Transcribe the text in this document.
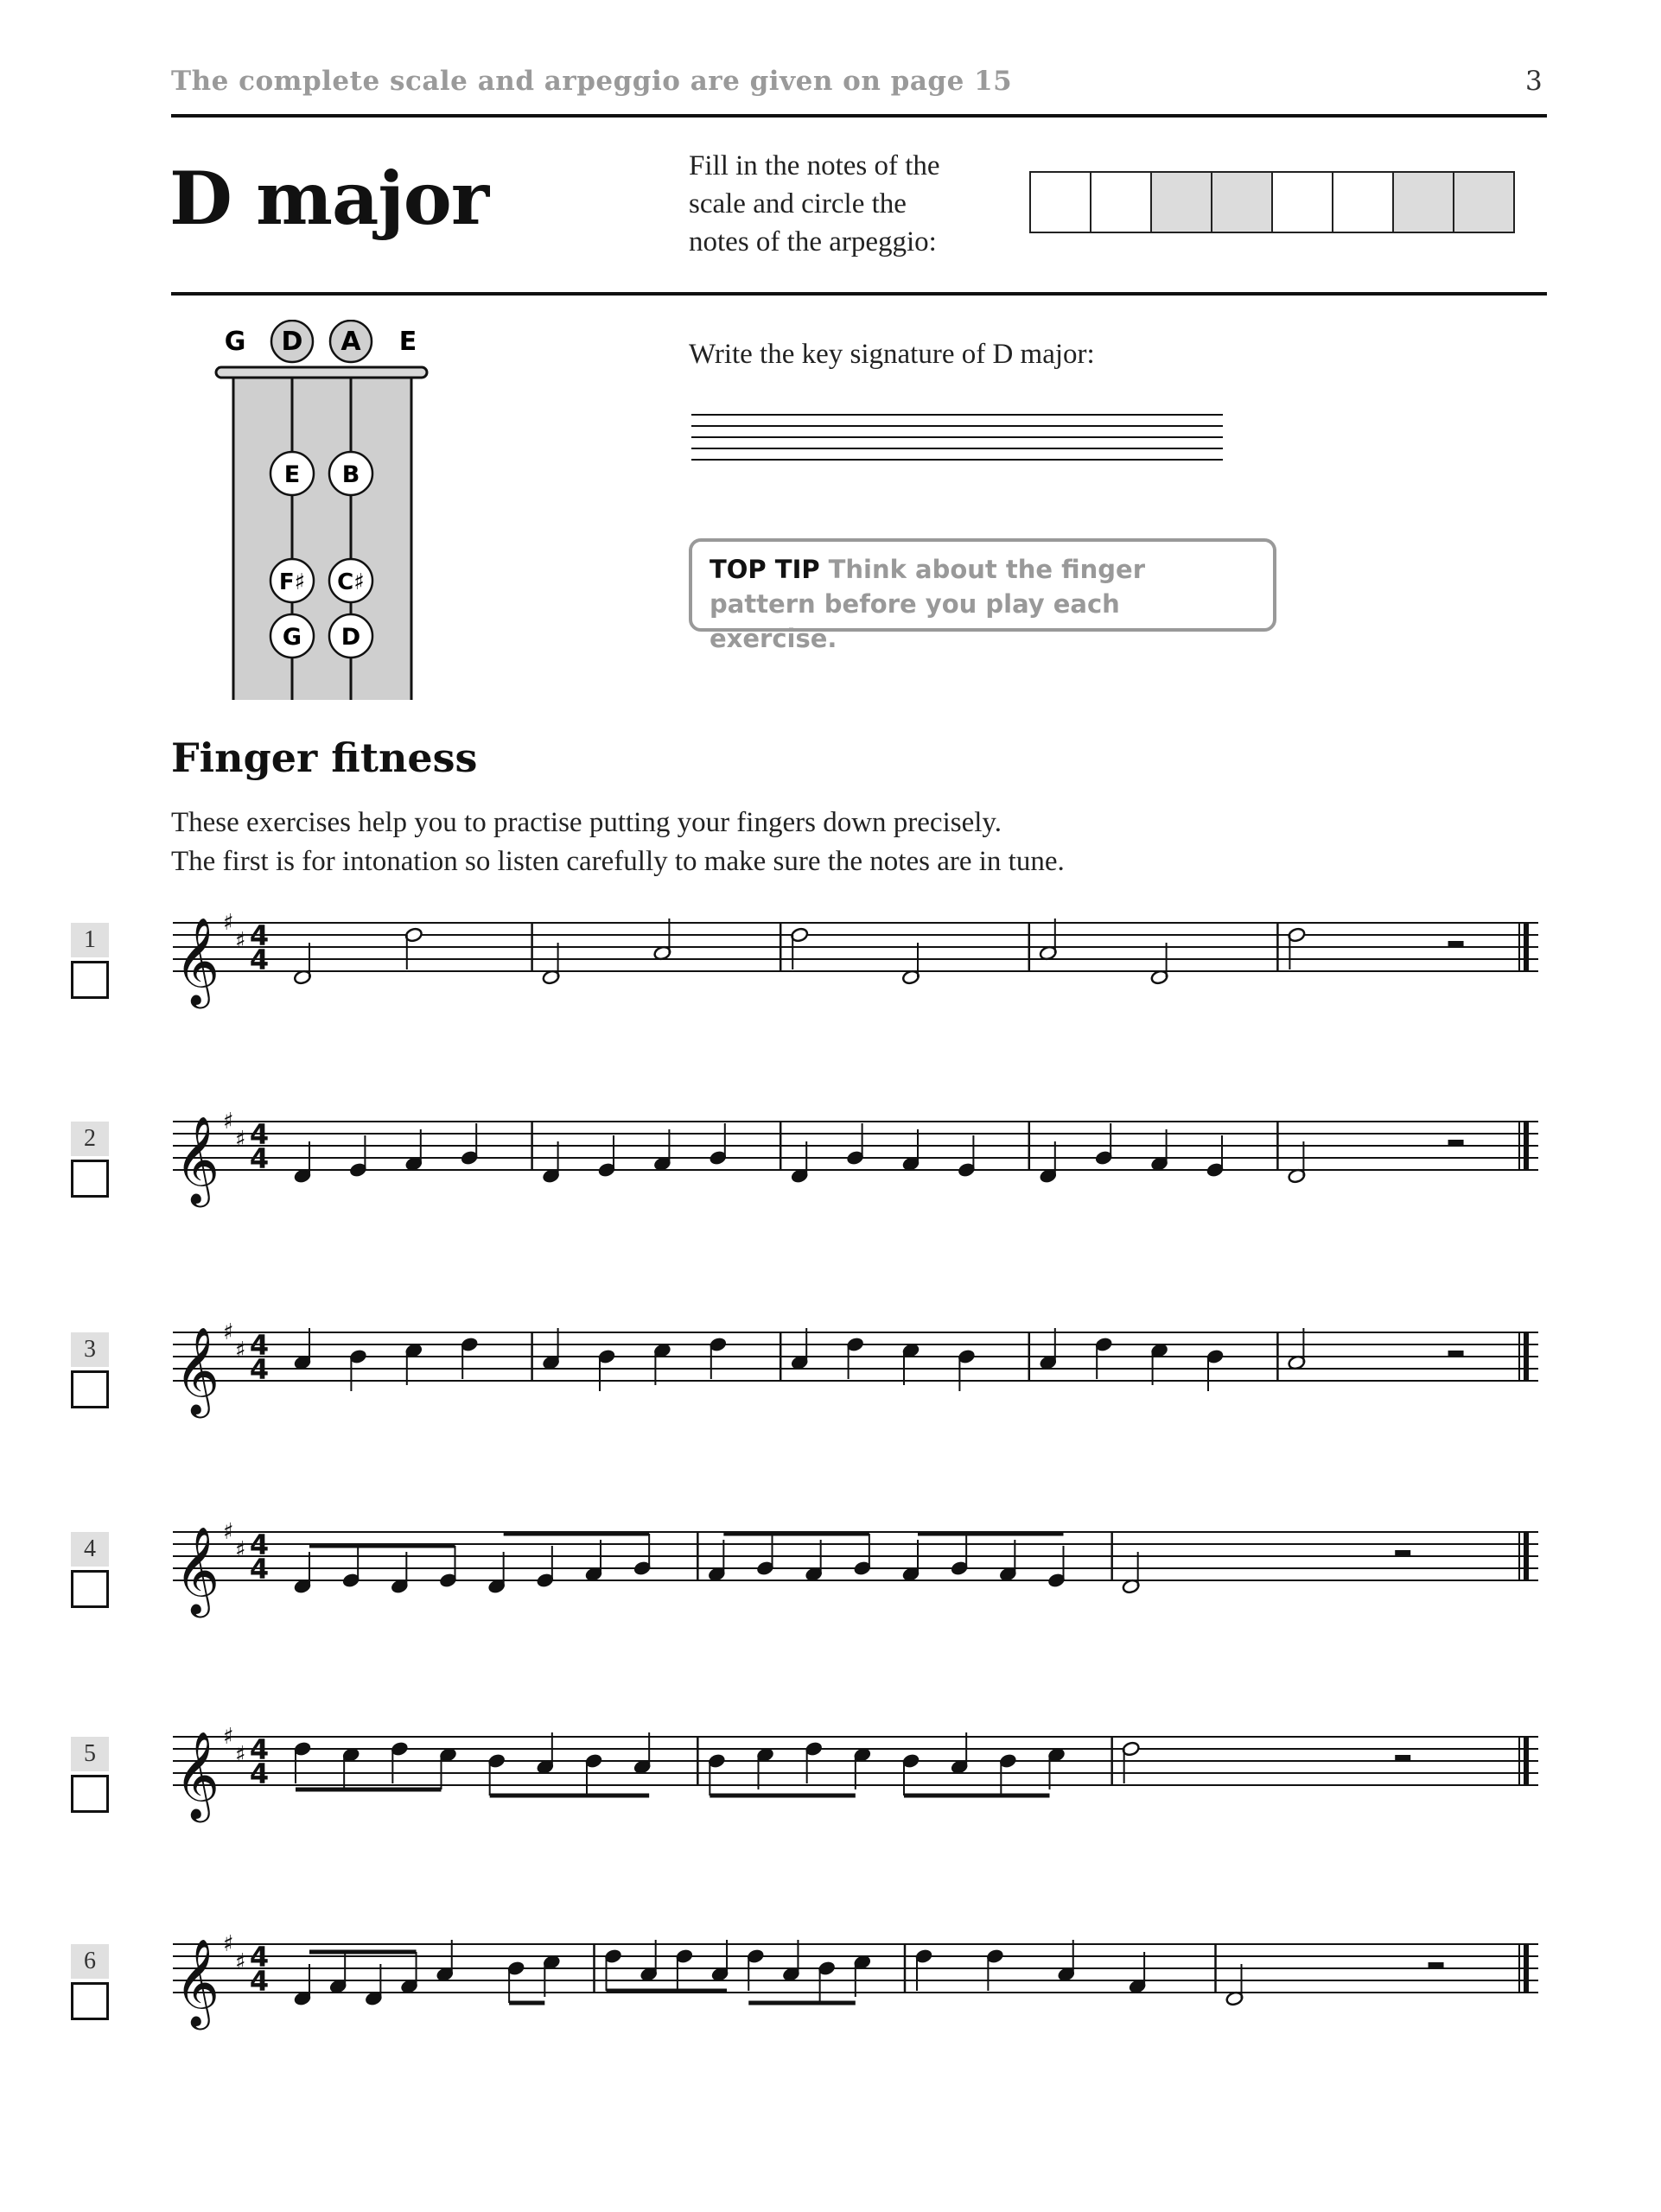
The complete scale and arpeggio are given on page 15	3
D major	Fill in the notes of the
scale and circle the
notes of the arpeggio:
G D A E
E B
F♯ C♯
G D
Write the key signature of D major:
TOP TIP Think about the finger pattern before you play each exercise.
Finger fitness
These exercises help you to practise putting your fingers down precisely.
The first is for intonation so listen carefully to make sure the notes are in tune.
1 𝄞 ♯
♯ 4
4
2 𝄞 ♯
♯ 4
4
3 𝄞 ♯
♯ 4
4
4 𝄞 ♯
♯ 4
4
5 𝄞 ♯
♯ 4
4
6 𝄞 ♯
♯ 4
4
